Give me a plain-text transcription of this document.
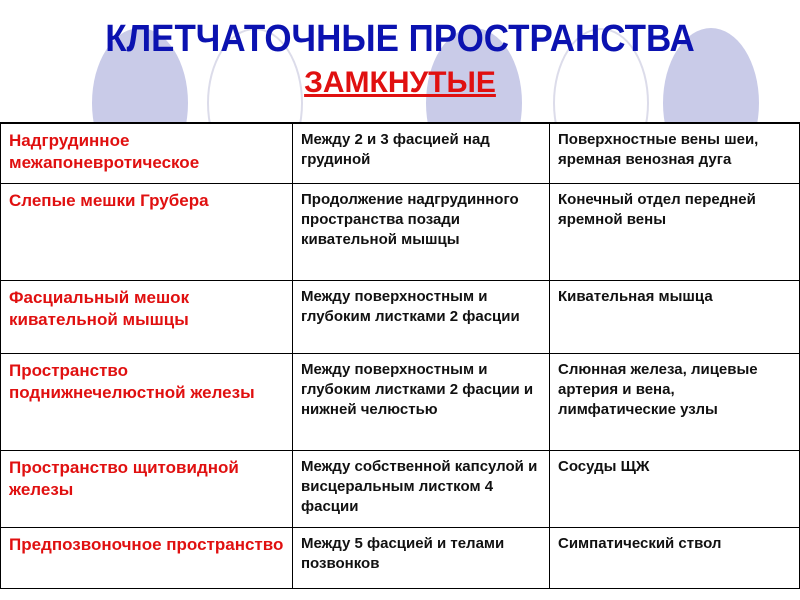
КЛЕТЧАТОЧНЫЕ ПРОСТРАНСТВА
ЗАМКНУТЫЕ
Надгрудинное межапоневротическое	Между 2 и 3 фасцией над грудиной	Поверхностные вены шеи, яремная венозная дуга
Слепые мешки Грубера	Продолжение надгрудинного пространства позади кивательной мышцы	Конечный отдел передней яремной вены
Фасциальный мешок кивательной мышцы	Между поверхностным и глубоким листками 2 фасции	Кивательная мышца
Пространство поднижнечелюстной железы	Между поверхностным и глубоким листками 2 фасции и нижней челюстью	Слюнная железа, лицевые артерия и вена, лимфатические узлы
Пространство щитовидной железы	Между собственной капсулой и висцеральным листком 4 фасции	Сосуды ЩЖ
Предпозвоночное пространство	Между 5 фасцией и телами позвонков	Симпатический ствол
